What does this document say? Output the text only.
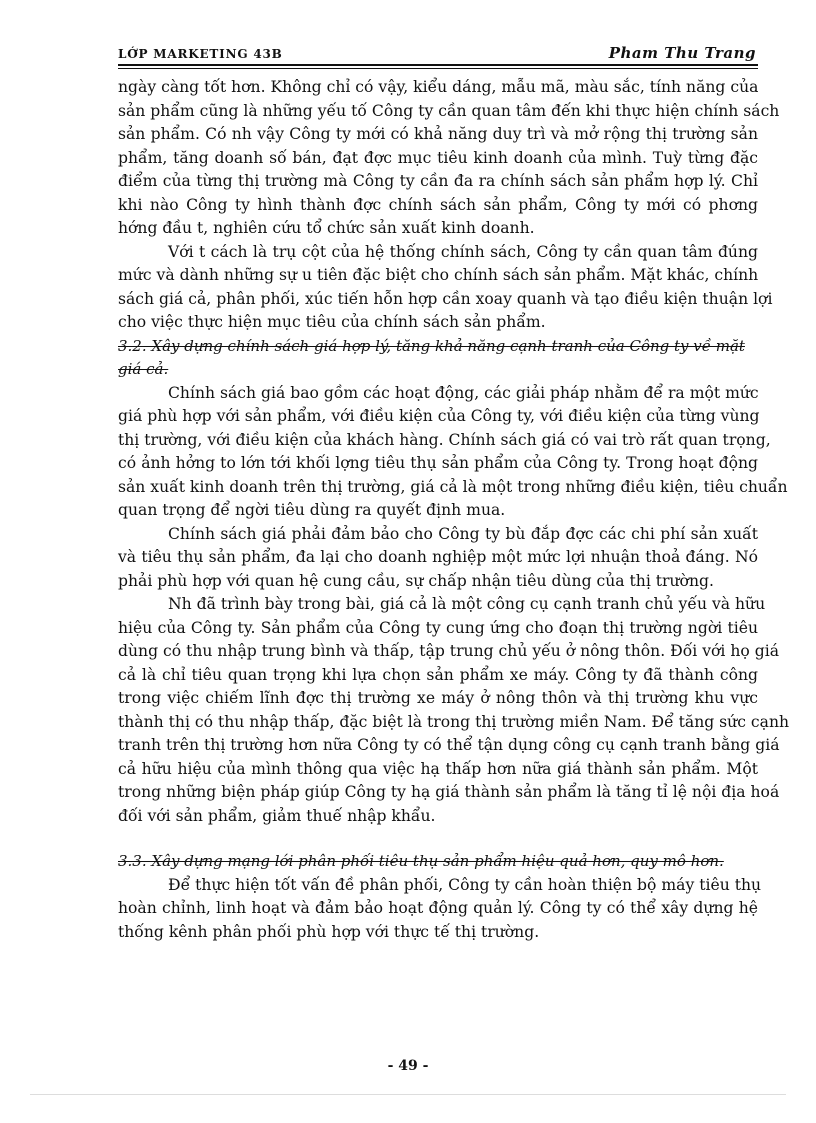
LỚP MARKETING 43B	Pham Thu Trang
ngày càng tốt hơn. Không chỉ có vậy, kiểu dáng, mẫu mã, màu sắc, tính năng của
sản phẩm cũng là những yếu tố Công ty cần quan tâm đến khi thực hiện chính sách
sản phẩm. Có nh vậy Công ty mới có khả năng duy trì và mở rộng thị trường sản
phẩm, tăng doanh số bán, đạt đợc mục tiêu kinh doanh của mình. Tuỳ từng đặc
điểm của từng thị trường mà Công ty cần đa ra chính sách sản phẩm hợp lý. Chỉ
khi nào Công ty hình thành đợc chính sách sản phẩm, Công ty mới có phơng
hớng đầu t, nghiên cứu tổ chức sản xuất kinh doanh.
Với t cách là trụ cột của hệ thống chính sách, Công ty cần quan tâm đúng
mức và dành những sự u tiên đặc biệt cho chính sách sản phẩm. Mặt khác, chính
sách giá cả, phân phối, xúc tiến hỗn hợp cần xoay quanh và tạo điều kiện thuận lợi
cho việc thực hiện mục tiêu của chính sách sản phẩm.
3.2. Xây dựng chính sách giá hợp lý, tăng khả năng cạnh tranh của Công ty về mặt
giá cả.
Chính sách giá bao gồm các hoạt động, các giải pháp nhằm để ra một mức
giá phù hợp với sản phẩm, với điều kiện của Công ty, với điều kiện của từng vùng
thị trường, với điều kiện của khách hàng. Chính sách giá có vai trò rất quan trọng,
có ảnh hởng to lớn tới khối lợng tiêu thụ sản phẩm của Công ty. Trong hoạt động
sản xuất kinh doanh trên thị trường, giá cả là một trong những điều kiện, tiêu chuẩn
quan trọng để ngời tiêu dùng ra quyết định mua.
Chính sách giá phải đảm bảo cho Công ty bù đắp đợc các chi phí sản xuất
và tiêu thụ sản phẩm, đa lại cho doanh nghiệp một mức lợi nhuận thoả đáng. Nó
phải phù hợp với quan hệ cung cầu, sự chấp nhận tiêu dùng của thị trường.
Nh đã trình bày trong bài, giá cả là một công cụ cạnh tranh chủ yếu và hữu
hiệu của Công ty. Sản phẩm của Công ty cung ứng cho đoạn thị trường ngời tiêu
dùng có thu nhập trung bình và thấp, tập trung chủ yếu ở nông thôn. Đối với họ giá
cả là chỉ tiêu quan trọng khi lựa chọn sản phẩm xe máy. Công ty đã thành công
trong việc chiếm lĩnh đợc thị trường xe máy ở nông thôn và thị trường khu vực
thành thị có thu nhập thấp, đặc biệt là trong thị trường miền Nam. Để tăng sức cạnh
tranh trên thị trường hơn nữa Công ty có thể tận dụng công cụ cạnh tranh bằng giá
cả hữu hiệu của mình thông qua việc hạ thấp hơn nữa giá thành sản phẩm. Một
trong những biện pháp giúp Công ty hạ giá thành sản phẩm là tăng tỉ lệ nội địa hoá
đối với sản phẩm, giảm thuế nhập khẩu.
3.3. Xây dựng mạng lới phân phối tiêu thụ sản phẩm hiệu quả hơn, quy mô hơn.
Để thực hiện tốt vấn đề phân phối, Công ty cần hoàn thiện bộ máy tiêu thụ
hoàn chỉnh, linh hoạt và đảm bảo hoạt động quản lý. Công ty có thể xây dựng hệ
thống kênh phân phối phù hợp với thực tế thị trường.
- 49 -
